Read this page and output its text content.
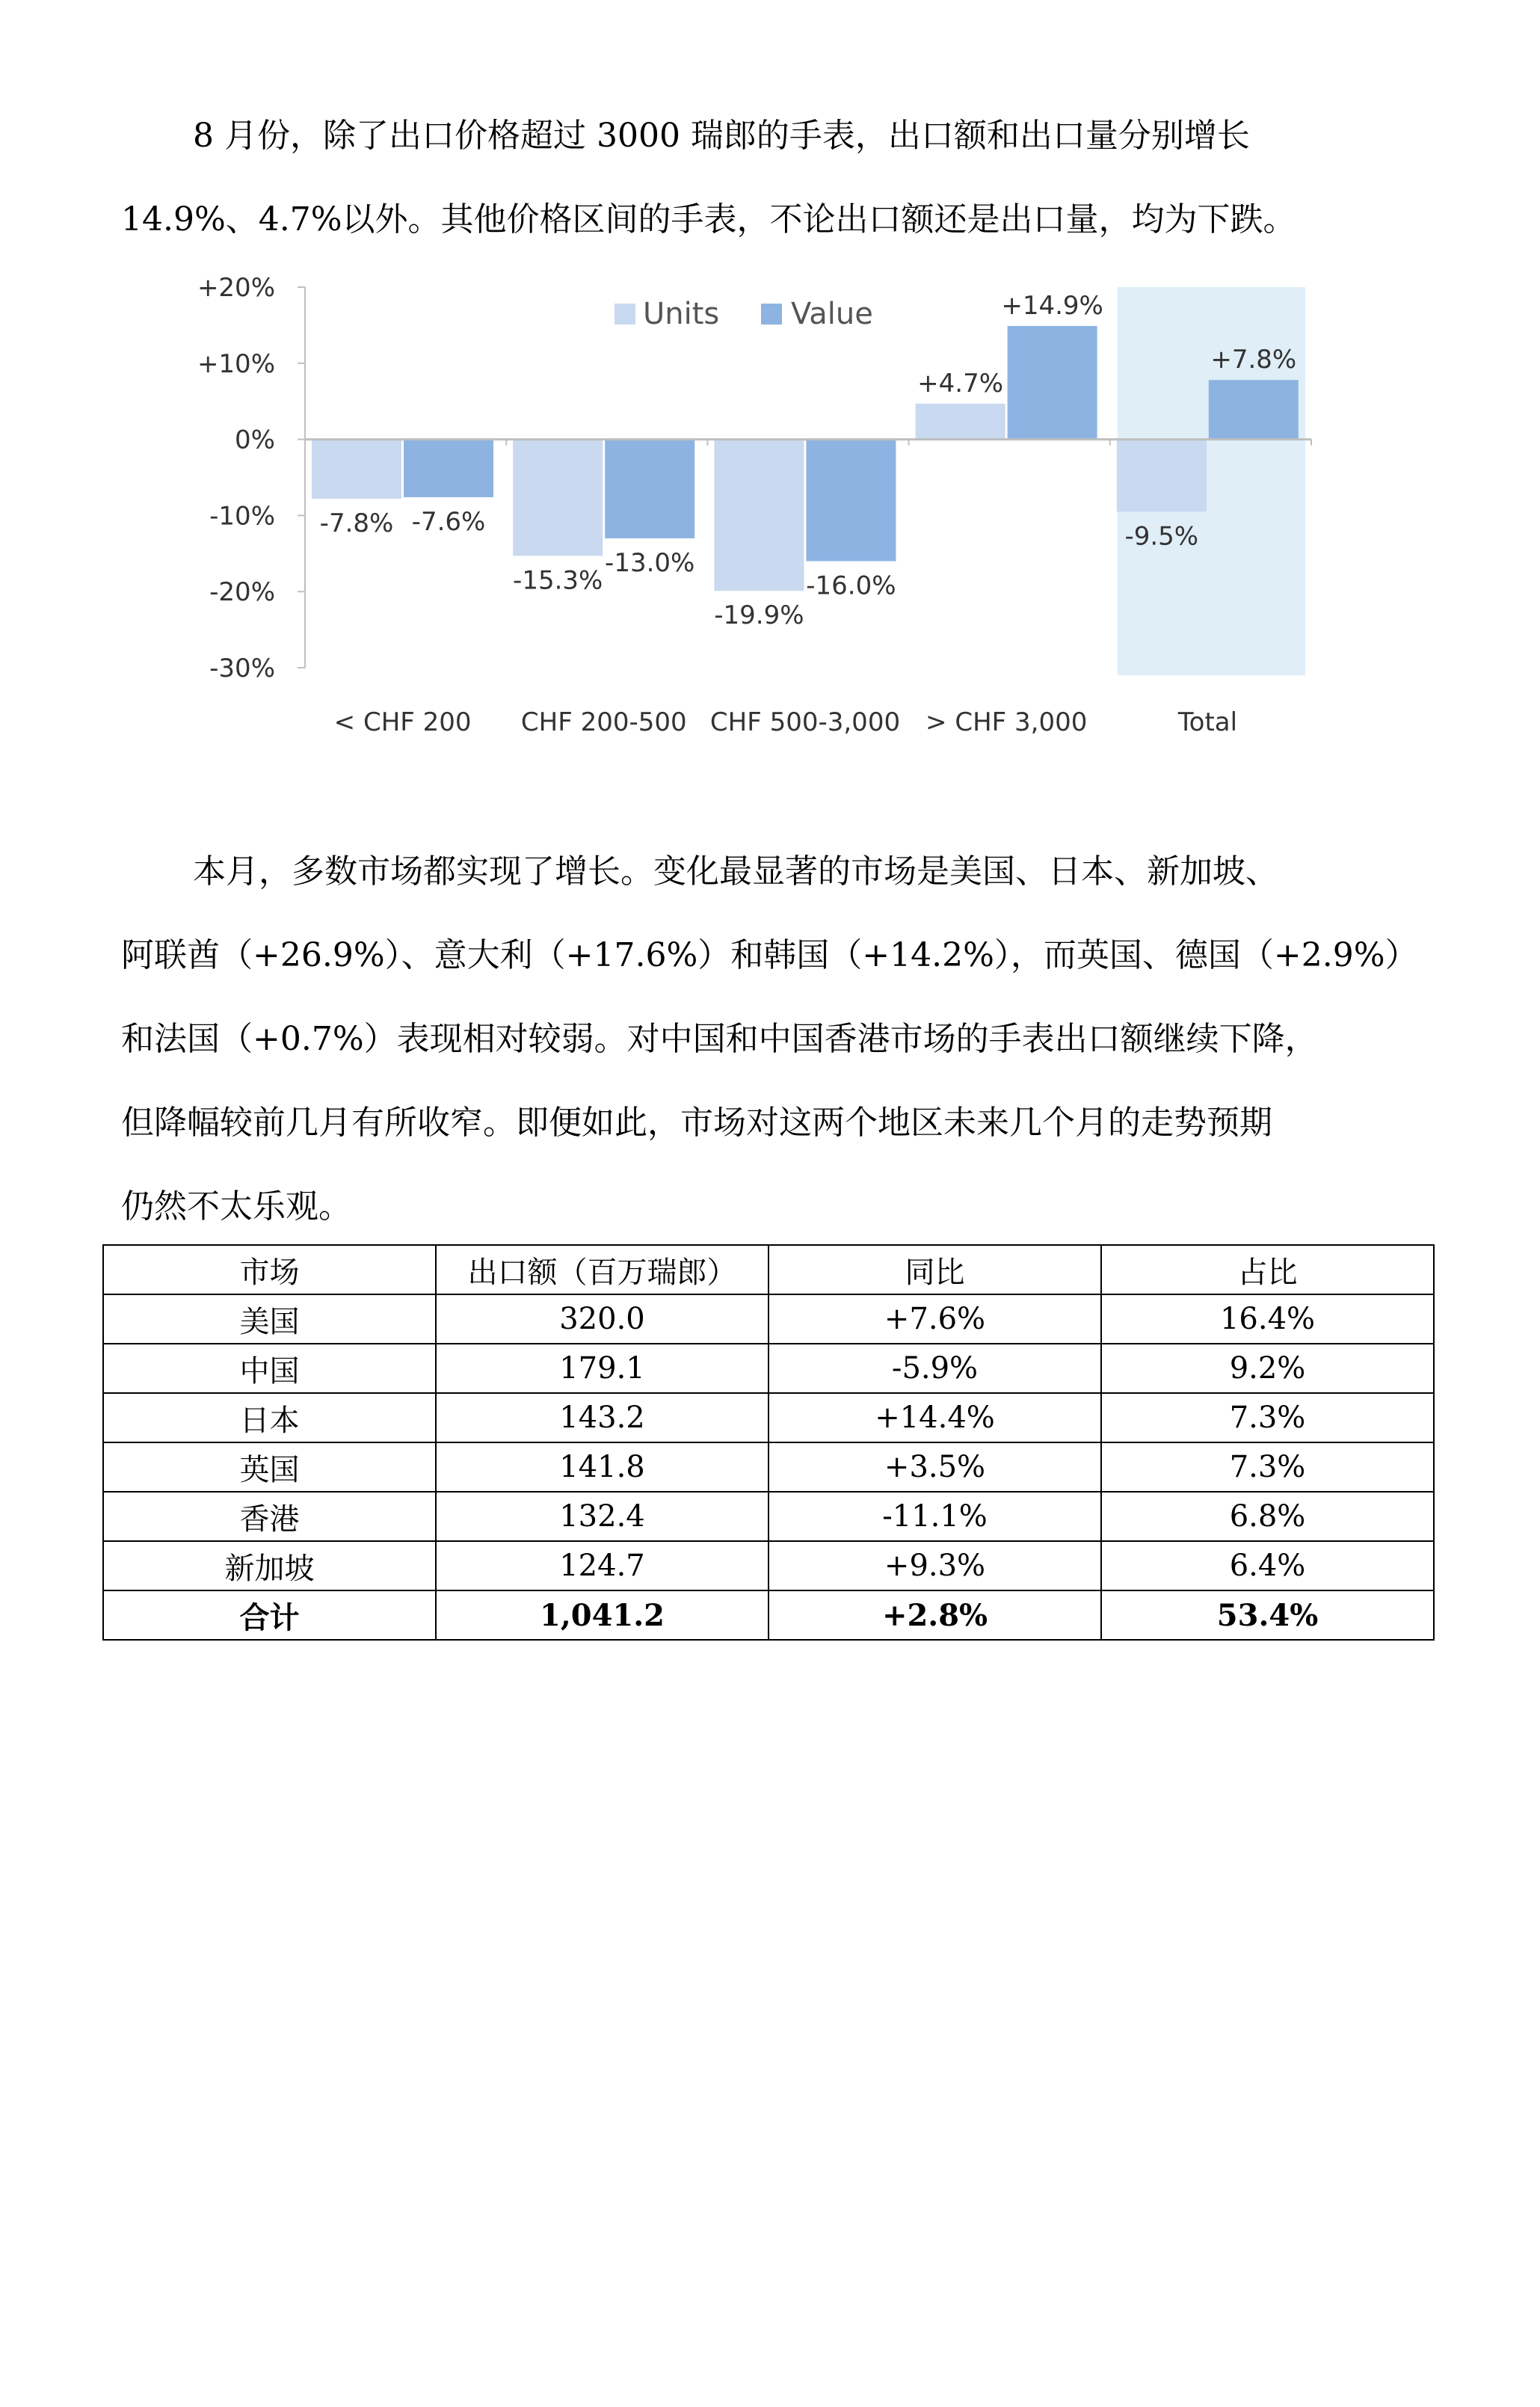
8 月份，除了出口价格超过 3000 瑞郎的手表，出口额和出口量分别增长
14.9%、4.7%以外。其他价格区间的手表，不论出口额还是出口量，均为下跌。
+20%
+10%
0%
-10%
-20%
-30%
-7.8%
-15.3%
-19.9%
+4.7%
-9.5%
-7.6%
-13.0%
-16.0%
+14.9%
+7.8%
< CHF 200 CHF 200-500 CHF 500-3,000 > CHF 3,000	Total
Units Value
本月，多数市场都实现了增长。变化最显著的市场是美国、日本、新加坡、
阿联酋（+26.9%）、意大利（+17.6%）和韩国（+14.2%），而英国、德国（+2.9%）
和法国（+0.7%）表现相对较弱。对中国和中国香港市场的手表出口额继续下降，
但降幅较前几月有所收窄。即便如此，市场对这两个地区未来几个月的走势预期
仍然不太乐观。
市场	出口额（百万瑞郎）	同比	占比
美国	320.0	+7.6%	16.4%
中国	179.1	-5.9%	9.2%
日本	143.2	+14.4%	7.3%
英国	141.8	+3.5%	7.3%
香港	132.4	-11.1%	6.8%
新加坡	124.7	+9.3%	6.4%
合计	1,041.2	+2.8%	53.4%
